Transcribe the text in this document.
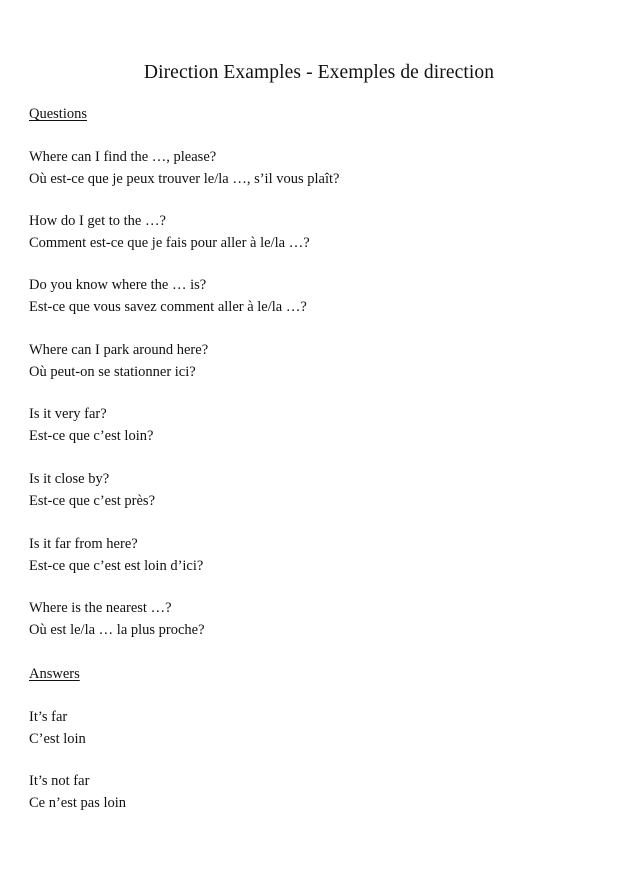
Direction Examples - Exemples de direction
Questions
Where can I find the …, please?
Où est-ce que je peux trouver le/la …, s’il vous plaît?
How do I get to the …?
Comment est-ce que je fais pour aller à le/la …?
Do you know where the … is?
Est-ce que vous savez comment aller à le/la …?
Where can I park around here?
Où peut-on se stationner ici?
Is it very far?
Est-ce que c’est loin?
Is it close by?
Est-ce que c’est près?
Is it far from here?
Est-ce que c’est est loin d’ici?
Where is the nearest …?
Où est le/la … la plus proche?
Answers
It’s far
C’est loin
It’s not far
Ce n’est pas loin
